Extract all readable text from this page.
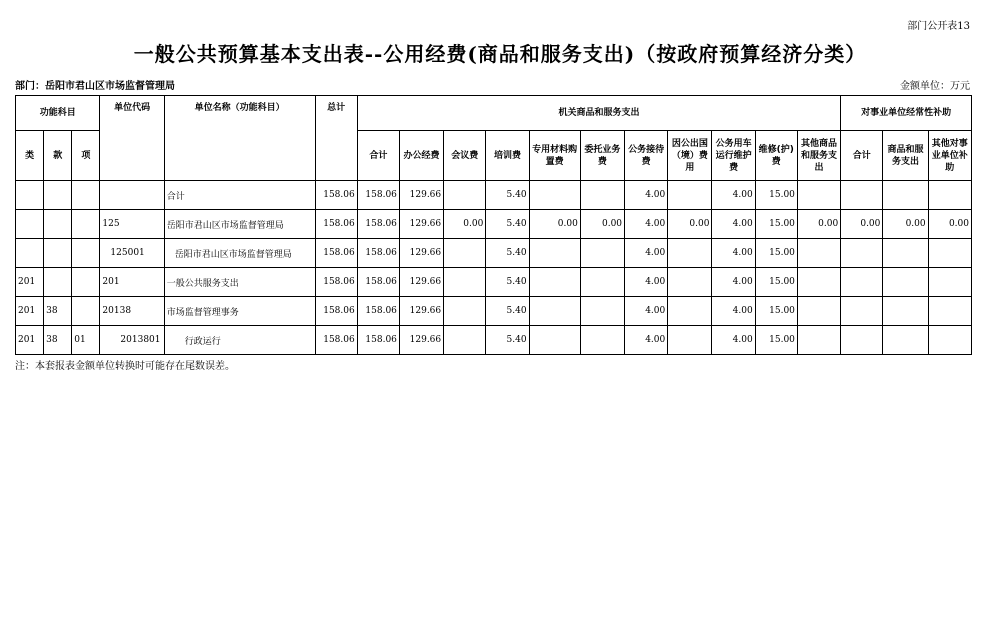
部门公开表13
一般公共预算基本支出表--公用经费(商品和服务支出)（按政府预算经济分类）
部门：岳阳市君山区市场监督管理局	金额单位：万元
功能科目			单位代码	单位名称（功能科目）	总计	机关商品和服务支出											对事业单位经常性补助		
类	款	项				合计	办公经费	会议费	培训费	专用材料购置费	委托业务费	公务接待费	因公出国（境）费用	公务用车运行维护费	维修(护)费	其他商品和服务支出	合计	商品和服务支出	其他对事业单位补助
				合计	158.06	158.06	129.66		5.40			4.00		4.00	15.00				
			125	岳阳市君山区市场监督管理局	158.06	158.06	129.66	0.00	5.40	0.00	0.00	4.00	0.00	4.00	15.00	0.00	0.00	0.00	0.00
			125001	岳阳市君山区市场监督管理局	158.06	158.06	129.66		5.40			4.00		4.00	15.00				
201			201	一般公共服务支出	158.06	158.06	129.66		5.40			4.00		4.00	15.00				
201	38		20138	市场监督管理事务	158.06	158.06	129.66		5.40			4.00		4.00	15.00				
201	38	01	2013801	行政运行	158.06	158.06	129.66		5.40			4.00		4.00	15.00				
注：本套报表金额单位转换时可能存在尾数误差。
